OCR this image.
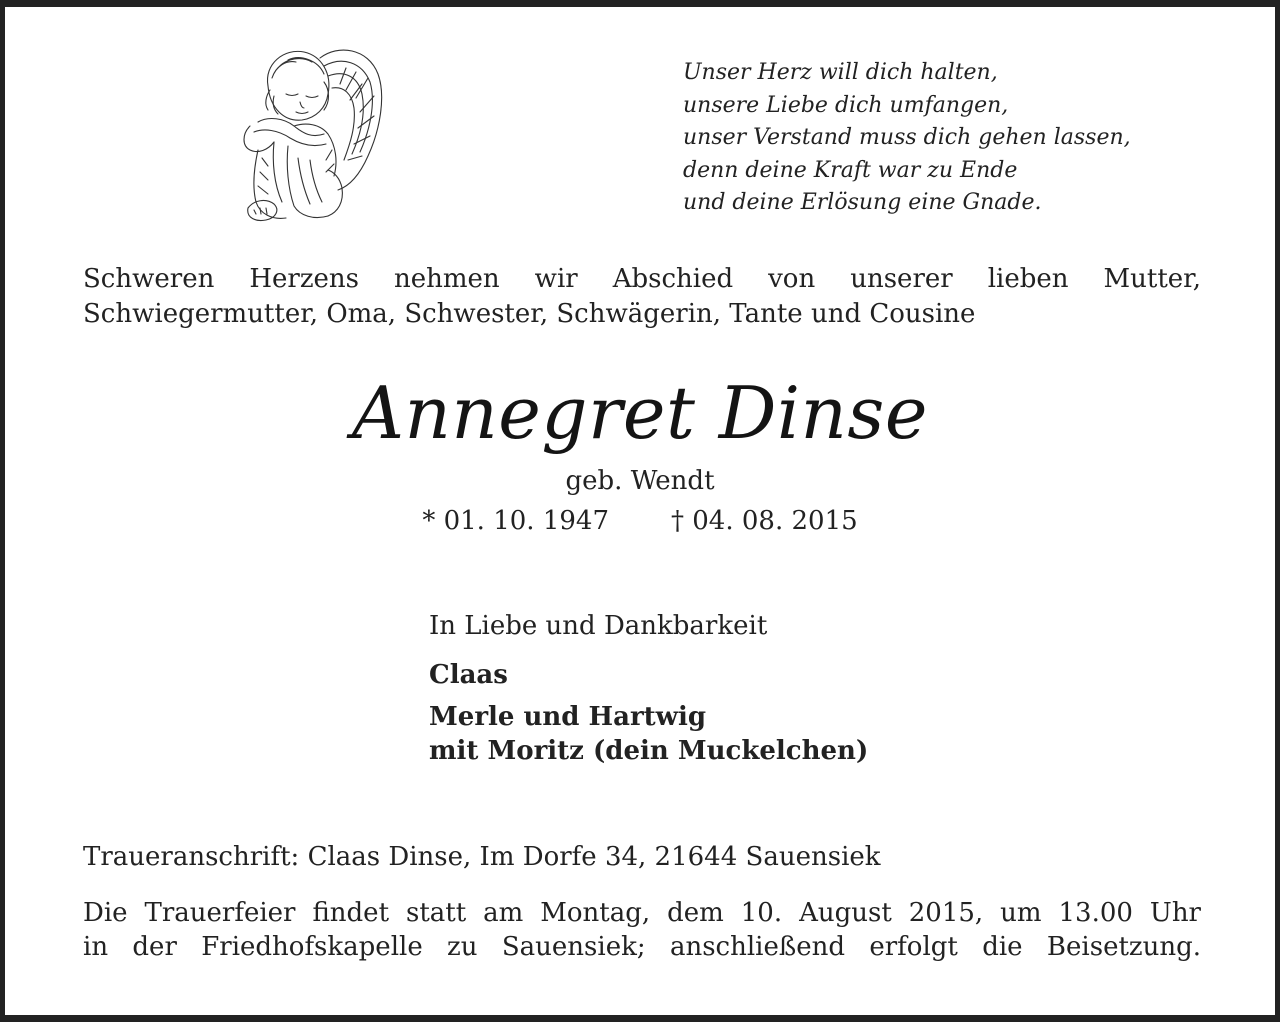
Unser Herz will dich halten,
unsere Liebe dich umfangen,
unser Verstand muss dich gehen lassen,
denn deine Kraft war zu Ende
und deine Erlösung eine Gnade.
Schweren Herzens nehmen wir Abschied von unserer lieben Mutter,
Schwiegermutter, Oma, Schwester, Schwägerin, Tante und Cousine
Annegret Dinse
geb. Wendt
* 01. 10. 1947 † 04. 08. 2015
In Liebe und Dankbarkeit
Claas
Merle und Hartwig
mit Moritz (dein Muckelchen)
Traueranschrift: Claas Dinse, Im Dorfe 34, 21644 Sauensiek
Die Trauerfeier findet statt am Montag, dem 10. August 2015, um 13.00 Uhr
in der Friedhofskapelle zu Sauensiek; anschließend erfolgt die Beisetzung.
